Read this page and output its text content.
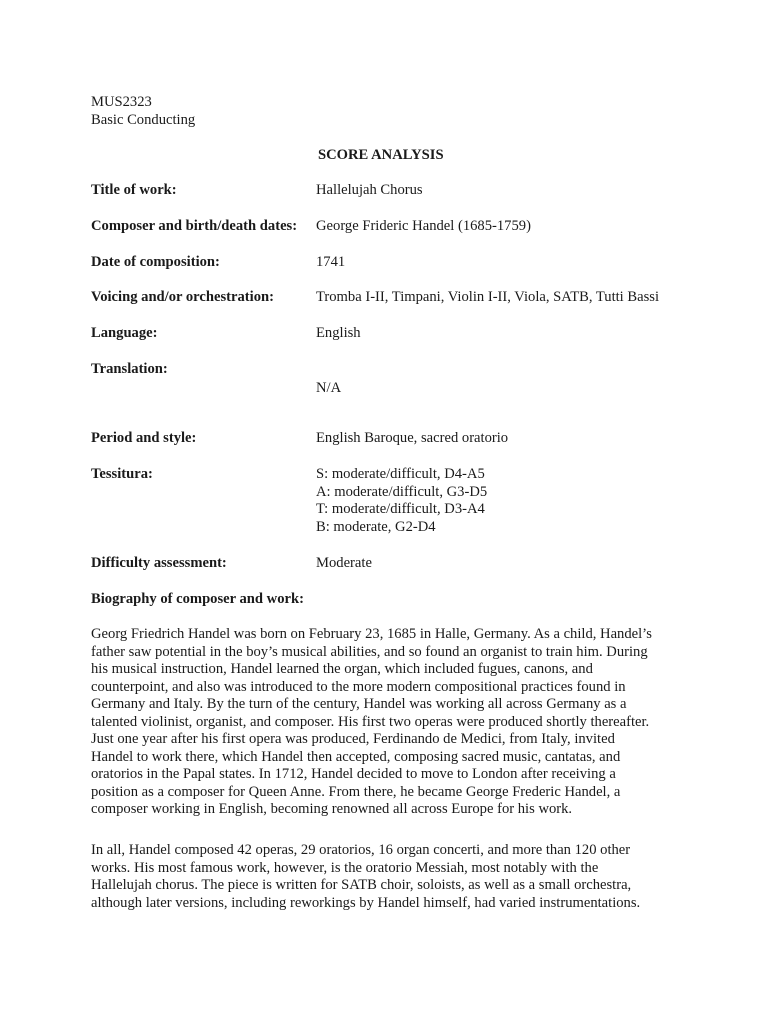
MUS2323
Basic Conducting
SCORE ANALYSIS
Title of work:	Hallelujah Chorus
Composer and birth/death dates: George Frideric Handel (1685-1759)
Date of composition:	1741
Voicing and/or orchestration:	Tromba I-II, Timpani, Violin I-II, Viola, SATB, Tutti Bassi
Language:	English
Translation:
N/A
Period and style:	English Baroque, sacred oratorio
Tessitura:	S: moderate/difficult, D4-A5
A: moderate/difficult, G3-D5
T: moderate/difficult, D3-A4
B: moderate, G2-D4
Difficulty assessment:	Moderate
Biography of composer and work:
Georg Friedrich Handel was born on February 23, 1685 in Halle, Germany. As a child, Handel’s
father saw potential in the boy’s musical abilities, and so found an organist to train him. During
his musical instruction, Handel learned the organ, which included fugues, canons, and
counterpoint, and also was introduced to the more modern compositional practices found in
Germany and Italy. By the turn of the century, Handel was working all across Germany as a
talented violinist, organist, and composer. His first two operas were produced shortly thereafter.
Just one year after his first opera was produced, Ferdinando de Medici, from Italy, invited
Handel to work there, which Handel then accepted, composing sacred music, cantatas, and
oratorios in the Papal states. In 1712, Handel decided to move to London after receiving a
position as a composer for Queen Anne. From there, he became George Frederic Handel, a
composer working in English, becoming renowned all across Europe for his work.
In all, Handel composed 42 operas, 29 oratorios, 16 organ concerti, and more than 120 other
works. His most famous work, however, is the oratorio Messiah, most notably with the
Hallelujah chorus. The piece is written for SATB choir, soloists, as well as a small orchestra,
although later versions, including reworkings by Handel himself, had varied instrumentations.
